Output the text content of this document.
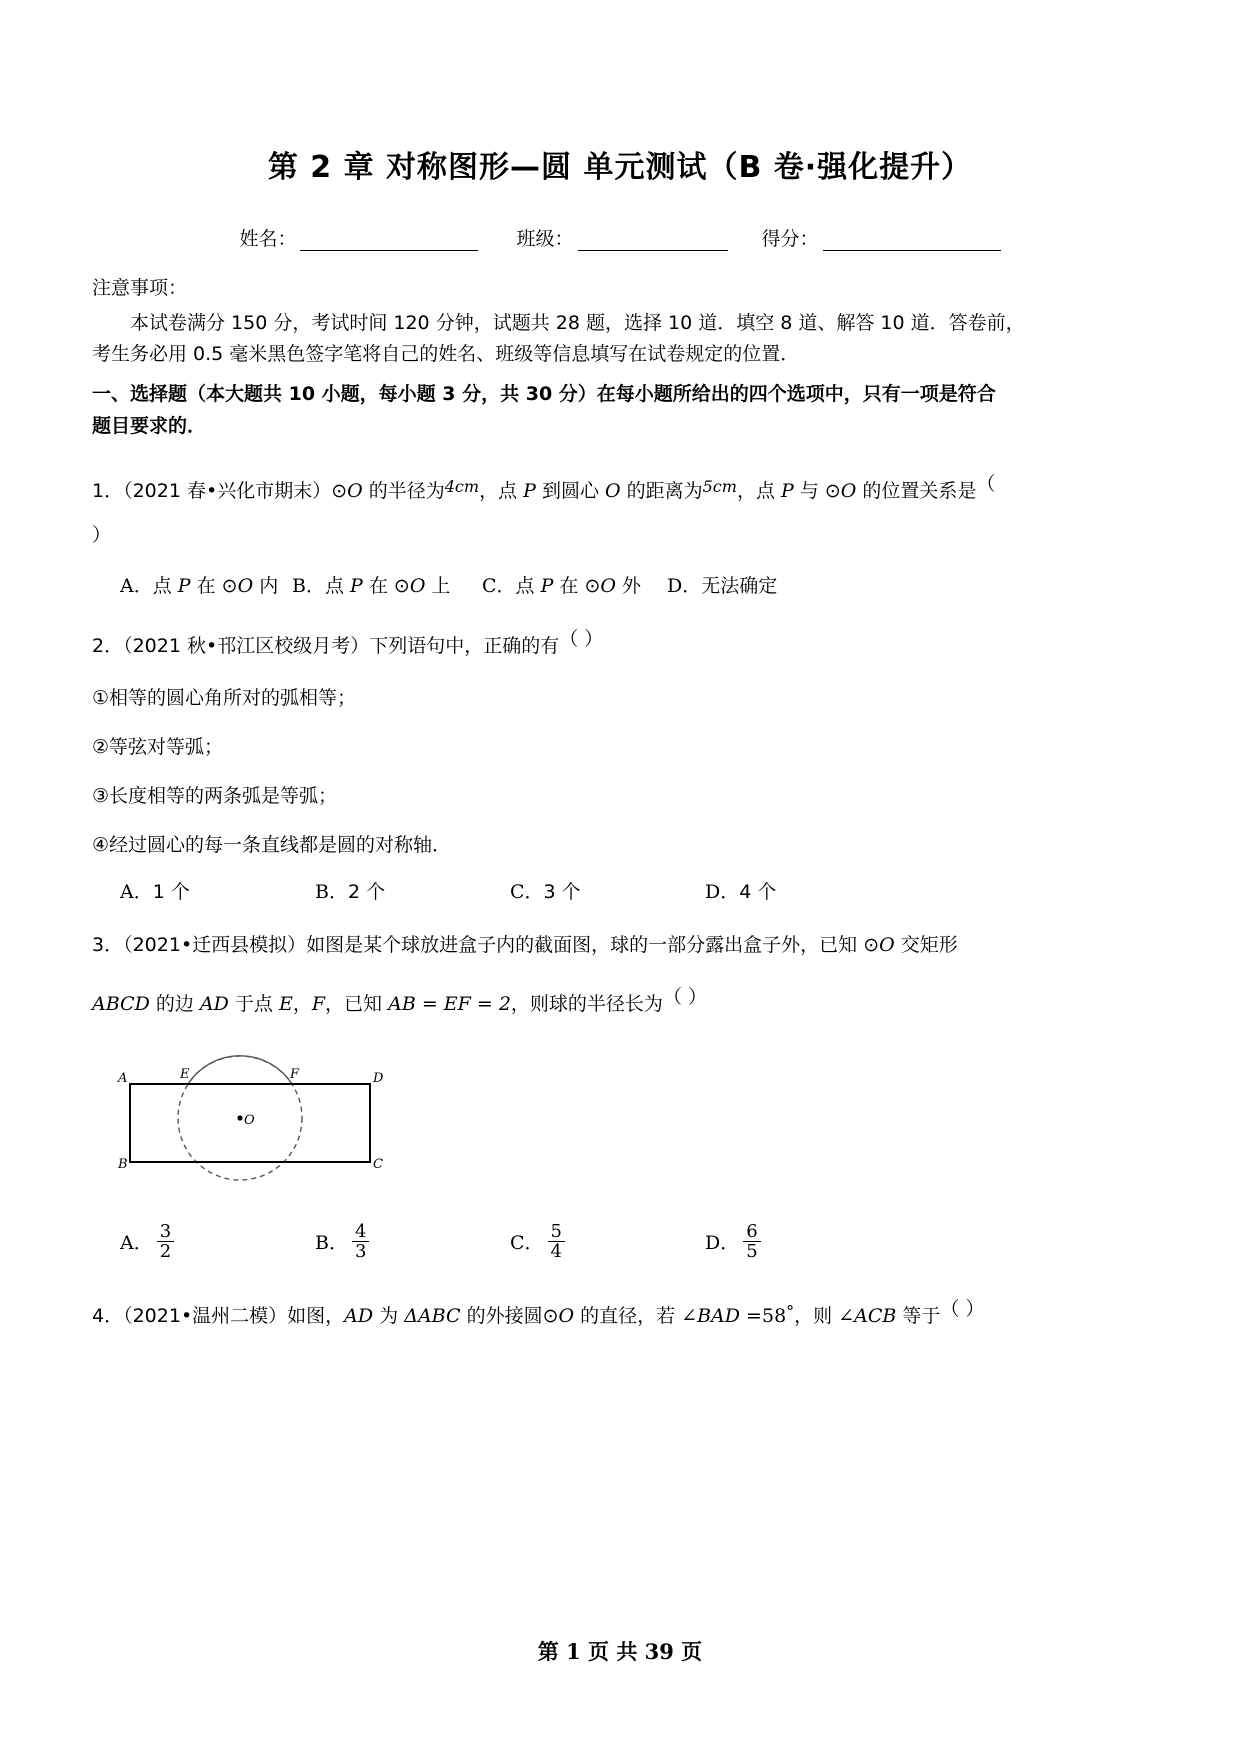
第 2 章 对称图形—圆 单元测试（B 卷·强化提升）
姓名：	班级：	得分：
注意事项：
本试卷满分 150 分，考试时间 120 分钟，试题共 28 题，选择 10 道．填空 8 道、解答 10 道．答卷前，
考生务必用 0.5 毫米黑色签字笔将自己的姓名、班级等信息填写在试卷规定的位置．
一、选择题（本大题共 10 小题，每小题 3 分，共 30 分）在每小题所给出的四个选项中，只有一项是符合
题目要求的．
1．（2021 春•兴化市期末）⊙O 的半径为$^{4cm}$，点 P 到圆心 O 的距离为$^{5cm}$，点 P 与 ⊙O 的位置关系是（
）
A．点 P 在 ⊙O 内 B．点 P 在 ⊙O 上	C．点 P 在 ⊙O 外	D．无法确定
2．（2021 秋•邗江区校级月考）下列语句中，正确的有（ ）
①相等的圆心角所对的弧相等；
②等弦对等弧；
③长度相等的两条弧是等弧；
④经过圆心的每一条直线都是圆的对称轴．
A．1 个	B．2 个	C．3 个	D．4 个
3．（2021•迁西县模拟）如图是某个球放进盒子内的截面图，球的一部分露出盒子外，已知 ⊙O 交矩形
ABCD 的边 AD 于点 E，F，已知 AB = EF = 2，则球的半径长为（ ）
O
A
B	C
D
E	F
A． $\frac{3}{2}$	B． $\frac{4}{3}$	C． $\frac{5}{4}$	D． $\frac{6}{5}$
4．（2021•温州二模）如图，AD 为 ΔABC 的外接圆⊙O 的直径，若 ∠BAD =58°，则 ∠ACB 等于（ ）
第 1 页 共 39 页
